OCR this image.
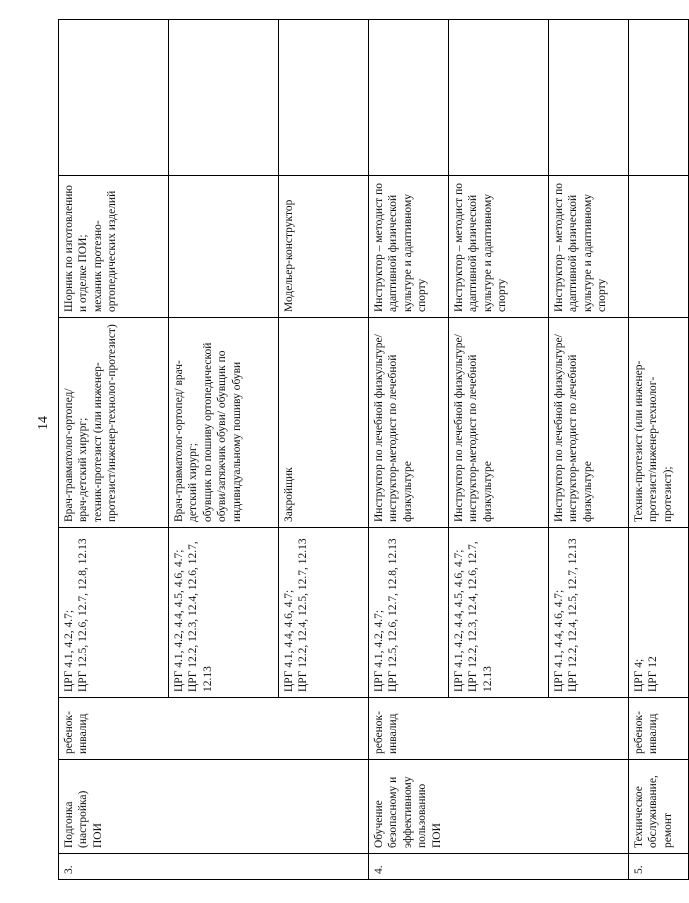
14
3.	Подгонка (настройка) ПОИ	ребенок-инвалид	ЦРГ 4.1, 4.2, 4.7;
ЦРГ 12.5, 12.6, 12.7, 12.8, 12.13	Врач-травматолог-ортопед/
врач-детский хирург;
техник-протезист (или инженер-протезист/инженер-технолог-протезист)	Шорник по изготовлению и отделке ПОИ;
механик протезно-ортопедических изделий	
			ЦРГ 4.1, 4.2, 4.4, 4.5, 4.6, 4.7;
ЦРГ 12.2, 12.3, 12.4, 12.6, 12.7, 12.13	Врач-травматолог-ортопед/ врач-детский хирург;
обувщик по пошиву ортопедической обуви/затяжчик обуви/ обувщик по индивидуальному пошиву обуви		
			ЦРГ 4.1, 4.4, 4.6, 4.7;
ЦРГ 12.2, 12.4, 12.5, 12.7, 12.13	Закройщик	Модельер-конструктор	
4.	Обучение безопасному и эффективному пользованию ПОИ	ребенок-инвалид	ЦРГ 4.1, 4.2, 4.7;
ЦРГ 12.5, 12.6, 12.7, 12.8, 12.13	Инструктор по лечебной физкультуре/ инструктор-методист по лечебной физкультуре	Инструктор – методист по адаптивной физической культуре и адаптивному спорту	
			ЦРГ 4.1, 4.2, 4.4, 4.5, 4.6, 4.7;
ЦРГ 12.2, 12.3, 12.4, 12.6, 12.7, 12.13	Инструктор по лечебной физкультуре/ инструктор-методист по лечебной физкультуре	Инструктор – методист по адаптивной физической культуре и адаптивному спорту	
			ЦРГ 4.1, 4.4, 4.6, 4.7;
ЦРГ 12.2, 12.4, 12.5, 12.7, 12.13	Инструктор по лечебной физкультуре/ инструктор-методист по лечебной физкультуре	Инструктор – методист по адаптивной физической культуре и адаптивному спорту	
5.	Техническое обслуживание, ремонт	ребенок-инвалид	ЦРГ 4;
ЦРГ 12	Техник-протезист (или инженер-протезист/инженер-технолог-протезист);		
